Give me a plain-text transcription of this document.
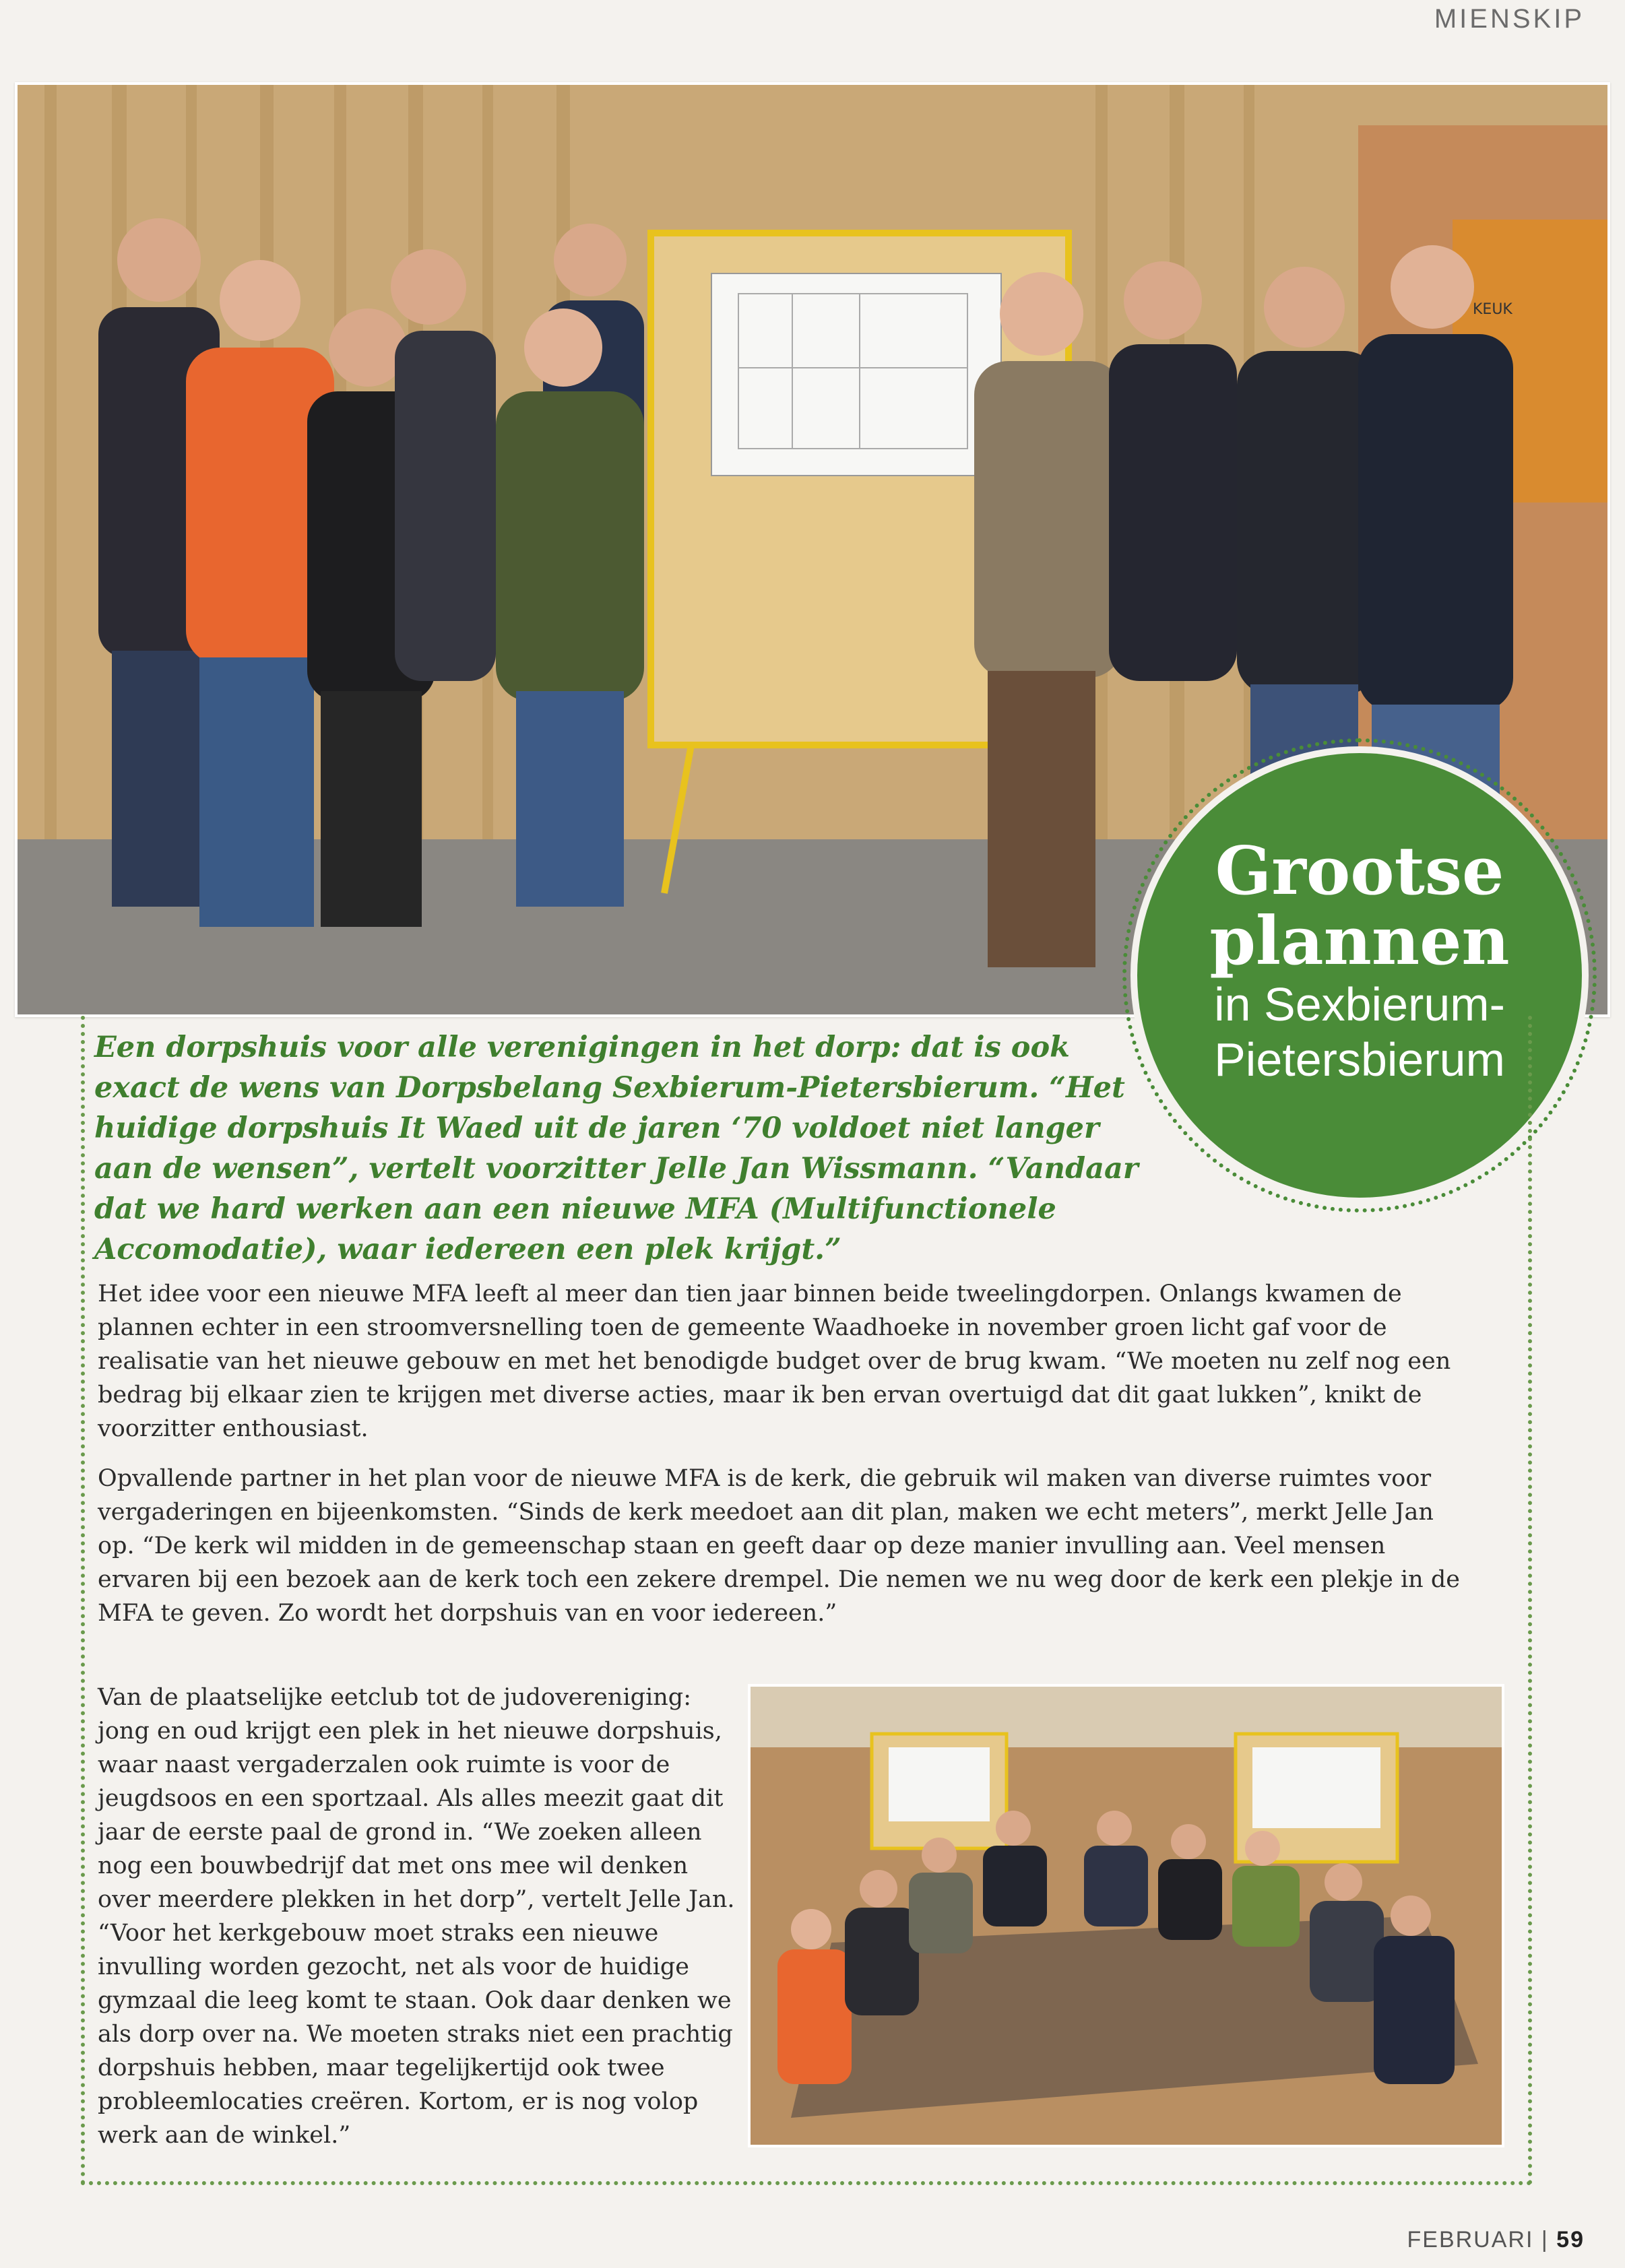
MIENSKIP
KEUK
Grootse
plannen
in Sexbierum-
Pietersbierum
Een dorpshuis voor alle verenigingen in het dorp: dat is ook exact de wens van Dorpsbelang Sexbierum-Pietersbierum. “Het huidige dorpshuis It Waed uit de jaren ‘70 voldoet niet langer aan de wensen”, vertelt voorzitter Jelle Jan Wissmann. “Vandaar dat we hard werken aan een nieuwe MFA (Multifunctionele Accomodatie), waar iedereen een plek krijgt.”
Het idee voor een nieuwe MFA leeft al meer dan tien jaar binnen beide tweelingdorpen. Onlangs kwamen de plannen echter in een stroomversnelling toen de gemeente Waadhoeke in november groen licht gaf voor de realisatie van het nieuwe gebouw en met het benodigde budget over de brug kwam. “We moeten nu zelf nog een bedrag bij elkaar zien te krijgen met diverse acties, maar ik ben ervan overtuigd dat dit gaat lukken”, knikt de voorzitter enthousiast.
Opvallende partner in het plan voor de nieuwe MFA is de kerk, die gebruik wil maken van diverse ruimtes voor vergaderingen en bijeenkomsten. “Sinds de kerk meedoet aan dit plan, maken we echt meters”, merkt Jelle Jan op. “De kerk wil midden in de gemeenschap staan en geeft daar op deze manier invulling aan. Veel mensen ervaren bij een bezoek aan de kerk toch een zekere drempel. Die nemen we nu weg door de kerk een plekje in de MFA te geven. Zo wordt het dorpshuis van en voor iedereen.”
Van de plaatselijke eetclub tot de judovereniging: jong en oud krijgt een plek in het nieuwe dorpshuis, waar naast vergaderzalen ook ruimte is voor de jeugdsoos en een sportzaal. Als alles meezit gaat dit jaar de eerste paal de grond in. “We zoeken alleen nog een bouwbedrijf dat met ons mee wil denken over meerdere plekken in het dorp”, vertelt Jelle Jan. “Voor het kerkgebouw moet straks een nieuwe invulling worden gezocht, net als voor de huidige gymzaal die leeg komt te staan. Ook daar denken we als dorp over na. We moeten straks niet een prachtig dorpshuis hebben, maar tegelijkertijd ook twee probleemlocaties creëren. Kortom, er is nog volop werk aan de winkel.”
FEBRUARI | 59
